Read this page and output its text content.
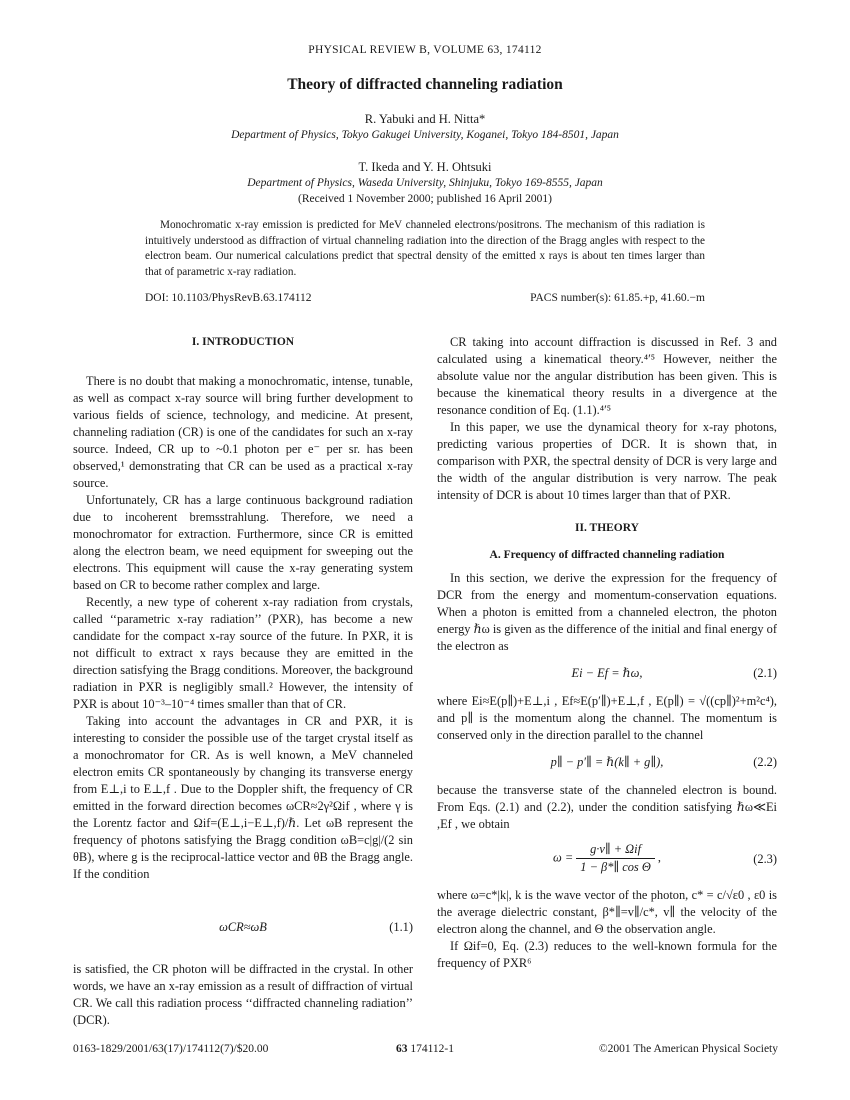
PHYSICAL REVIEW B, VOLUME 63, 174112
Theory of diffracted channeling radiation
R. Yabuki and H. Nitta*
Department of Physics, Tokyo Gakugei University, Koganei, Tokyo 184-8501, Japan
T. Ikeda and Y. H. Ohtsuki
Department of Physics, Waseda University, Shinjuku, Tokyo 169-8555, Japan
(Received 1 November 2000; published 16 April 2001)
Monochromatic x-ray emission is predicted for MeV channeled electrons/positrons. The mechanism of this radiation is intuitively understood as diffraction of virtual channeling radiation into the direction of the Bragg angles with respect to the electron beam. Our numerical calculations predict that spectral density of the emitted x rays is about ten times larger than that of parametric x-ray radiation.
DOI: 10.1103/PhysRevB.63.174112	PACS number(s): 61.85.+p, 41.60.−m

I. INTRODUCTION

There is no doubt that making a monochromatic, intense, tunable, as well as compact x-ray source will bring further development to various fields of science, technology, and medicine. At present, channeling radiation (CR) is one of the candidates for such an x-ray source. Indeed, CR up to ~0.1 photon per e⁻ per sr. has been observed,¹ demonstrating that CR can be used as a practical x-ray source.

Unfortunately, CR has a large continuous background radiation due to incoherent bremsstrahlung. Therefore, we need a monochromator for extraction. Furthermore, since CR is emitted along the electron beam, we need equipment for sweeping out the electrons. This equipment will cause the x-ray generating system based on CR to become rather complex and large.

Recently, a new type of coherent x-ray radiation from crystals, called ‘‘parametric x-ray radiation’’ (PXR), has become a new candidate for the compact x-ray source of the future. In PXR, it is not difficult to extract x rays because they are emitted in the direction satisfying the Bragg conditions. Moreover, the background radiation in PXR is negligibly small.² However, the intensity of PXR is about 10⁻³–10⁻⁴ times smaller than that of CR.

Taking into account the advantages in CR and PXR, it is interesting to consider the possible use of the target crystal itself as a monochromator for CR. As is well known, a MeV channeled electron emits CR spontaneously by changing its transverse energy from E⊥,i to E⊥,f . Due to the Doppler shift, the frequency of CR emitted in the forward direction becomes ωCR≈2γ²Ωif , where γ is the Lorentz factor and Ωif=(E⊥,i−E⊥,f)/ℏ. Let ωB represent the frequency of photons satisfying the Bragg condition ωB=c|g|/(2 sin θB), where g is the reciprocal-lattice vector and θB the Bragg angle. If the condition

ωCR≈ωB	(1.1)

is satisfied, the CR photon will be diffracted in the crystal. In other words, we have an x-ray emission as a result of diffraction of virtual CR. We call this radiation process ‘‘diffracted channeling radiation’’ (DCR).

CR taking into account diffraction is discussed in Ref. 3 and calculated using a kinematical theory.⁴ʹ⁵ However, neither the absolute value nor the angular distribution has been given. This is because the kinematical theory results in a divergence at the resonance condition of Eq. (1.1).⁴ʹ⁵

In this paper, we use the dynamical theory for x-ray photons, predicting various properties of DCR. It is shown that, in comparison with PXR, the spectral density of DCR is very large and the width of the angular distribution is very narrow. The peak intensity of DCR is about 10 times larger than that of PXR.

II. THEORY

A. Frequency of diffracted channeling radiation

In this section, we derive the expression for the frequency of DCR from the energy and momentum-conservation equations. When a photon is emitted from a channeled electron, the photon energy ℏω is given as the difference of the initial and final energy of the electron as

Ei − Ef = ℏω,	(2.1)

where Ei≈E(p∥)+E⊥,i , Ef≈E(p′∥)+E⊥,f , E(p∥) = √((cp∥)²+m²c⁴), and p∥ is the momentum along the channel. The momentum is conserved only in the direction parallel to the channel

p∥ − p′∥ = ℏ(k∥ + g∥),	(2.2)

because the transverse state of the channeled electron is bound. From Eqs. (2.1) and (2.2), under the condition satisfying ℏω≪Ei ,Ef , we obtain

$\omega = \frac{\text{g·v∥ + Ωif}}{\text{1 − β*∥ cos Θ}}$ ,	(2.3)

where ω=c*|k|, k is the wave vector of the photon, c* = c/√ε0 , ε0 is the average dielectric constant, β*∥=v∥/c*, v∥ the velocity of the electron along the channel, and Θ the observation angle.

If Ωif=0, Eq. (2.3) reduces to the well-known formula for the frequency of PXR⁶

0163-1829/2001/63(17)/174112(7)/$20.00	63 174112-1	©2001 The American Physical Society
